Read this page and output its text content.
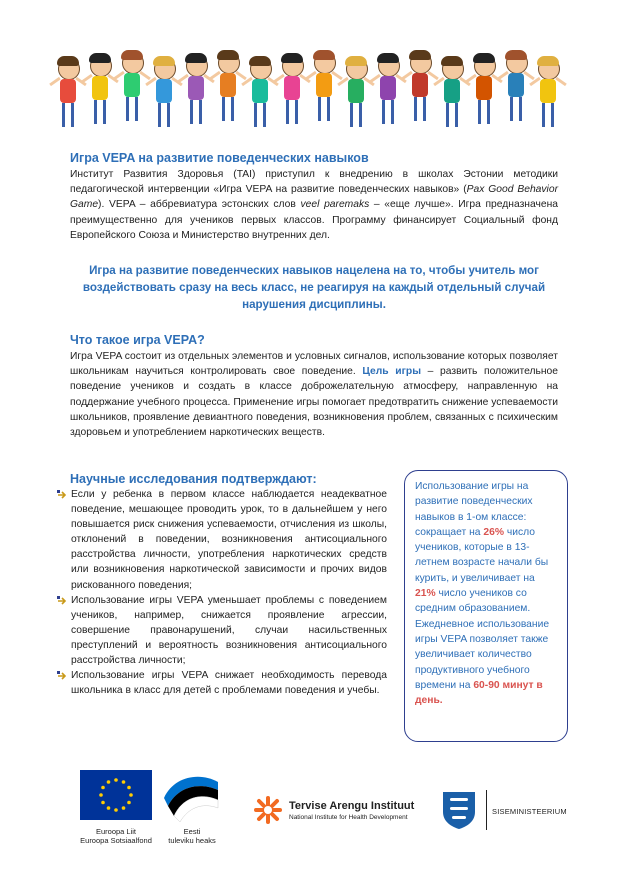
Игра VEPA на развитие поведенческих навыков

Институт Развития Здоровья (TAI) приступил к внедрению в школах Эстонии методики педагогической интервенции «Игра VEPA на развитие поведенческих навыков» (Pax Good Behavior Game). VEPA – аббревиатура эстонских слов veel paremaks – «еще лучше». Игра предназначена преимущественно для учеников первых классов. Программу финансирует Социальный фонд Европейского Союза и Министерство внутренних дел.

Игра на развитие поведенческих навыков нацелена на то, чтобы учитель мог воздействовать сразу на весь класс, не реагируя на каждый отдельный случай нарушения дисциплины.

Что такое игра VEPA?

Игра VEPA состоит из отдельных элементов и условных сигналов, использование которых позволяет школьникам научиться контролировать свое поведение. Цель игры – развить положительное поведение учеников и создать в классе доброжелательную атмосферу, направленную на поддержание учебного процесса. Применение игры помогает предотвратить снижение успеваемости школьников, проявление девиантного поведения, возникновения проблем, связанных с психическим здоровьем и употреблением наркотических веществ.

Научные исследования подтверждают:
Если у ребенка в первом классе наблюдается неадекватное поведение, мешающее проводить урок, то в дальнейшем у него повышается риск снижения успеваемости, отчисления из школы, отклонений в поведении, возникновения антисоциального расстройства личности, употребления наркотических средств или возникновения наркотической зависимости и прочих видов рискованного поведения;
Использование игры VEPA уменьшает проблемы с поведением учеников, например, снижается проявление агрессии, совершение правонарушений, случаи насильственных преступлений и вероятность возникновения антисоциального расстройства личности;
Использование игры VEPA снижает необходимость перевода школьника в класс для детей с проблемами поведения и учебы.

Использование игры на развитие поведенческих навыков в 1-ом классе: сокращает на 26% число учеников, которые в 13-летнем возрасте начали бы курить, и увеличивает на 21% число учеников со средним образованием. Ежедневное использование игры VEPA позволяет также увеличивает количество продуктивного учебного времени на 60-90 минут в день.

Euroopa Liit
Euroopa Sotsiaalfond
Eesti
tuleviku heaks
Tervise Arengu Instituut
National Institute for Health Development
SISEMINISTEERIUM
